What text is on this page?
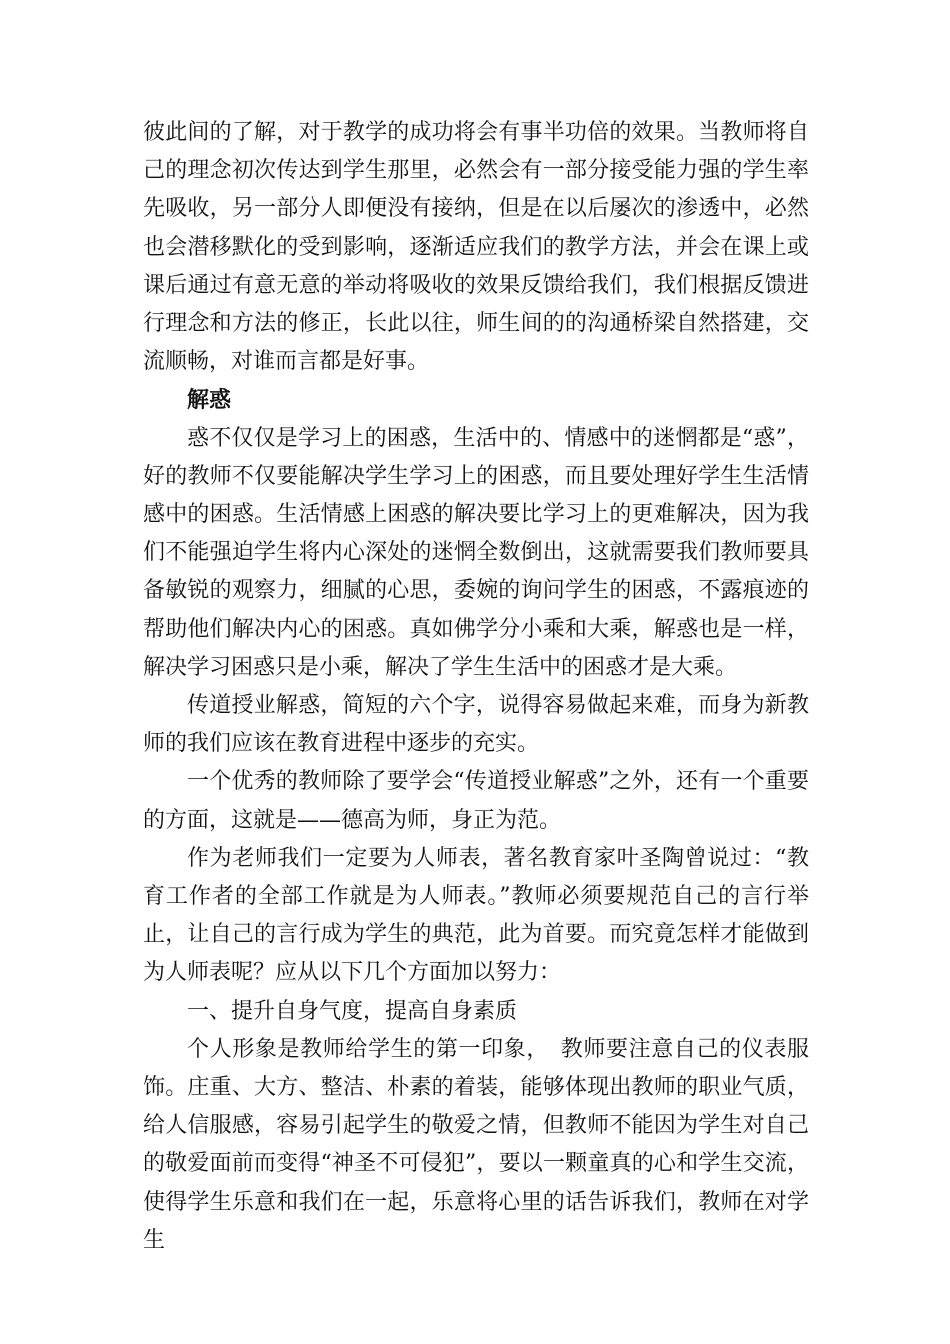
彼此间的了解，对于教学的成功将会有事半功倍的效果。当教师将自己的理念初次传达到学生那里，必然会有一部分接受能力强的学生率先吸收，另一部分人即便没有接纳，但是在以后屡次的渗透中，必然也会潜移默化的受到影响，逐渐适应我们的教学方法，并会在课上或课后通过有意无意的举动将吸收的效果反馈给我们，我们根据反馈进行理念和方法的修正，长此以往，师生间的的沟通桥梁自然搭建，交流顺畅，对谁而言都是好事。

解惑

惑不仅仅是学习上的困惑，生活中的、情感中的迷惘都是“惑”，好的教师不仅要能解决学生学习上的困惑，而且要处理好学生生活情感中的困惑。生活情感上困惑的解决要比学习上的更难解决，因为我们不能强迫学生将内心深处的迷惘全数倒出，这就需要我们教师要具备敏锐的观察力，细腻的心思，委婉的询问学生的困惑，不露痕迹的帮助他们解决内心的困惑。真如佛学分小乘和大乘，解惑也是一样，解决学习困惑只是小乘，解决了学生生活中的困惑才是大乘。

传道授业解惑，简短的六个字，说得容易做起来难，而身为新教师的我们应该在教育进程中逐步的充实。

一个优秀的教师除了要学会“传道授业解惑”之外，还有一个重要的方面，这就是——德高为师，身正为范。

作为老师我们一定要为人师表，著名教育家叶圣陶曾说过：“教育工作者的全部工作就是为人师表。”教师必须要规范自己的言行举止，让自己的言行成为学生的典范，此为首要。而究竟怎样才能做到为人师表呢？应从以下几个方面加以努力：

一、提升自身气度，提高自身素质

个人形象是教师给学生的第一印象，　教师要注意自己的仪表服饰。庄重、大方、整洁、朴素的着装，能够体现出教师的职业气质，给人信服感，容易引起学生的敬爱之情，但教师不能因为学生对自己的敬爱面前而变得“神圣不可侵犯”，要以一颗童真的心和学生交流，使得学生乐意和我们在一起，乐意将心里的话告诉我们，教师在对学生
